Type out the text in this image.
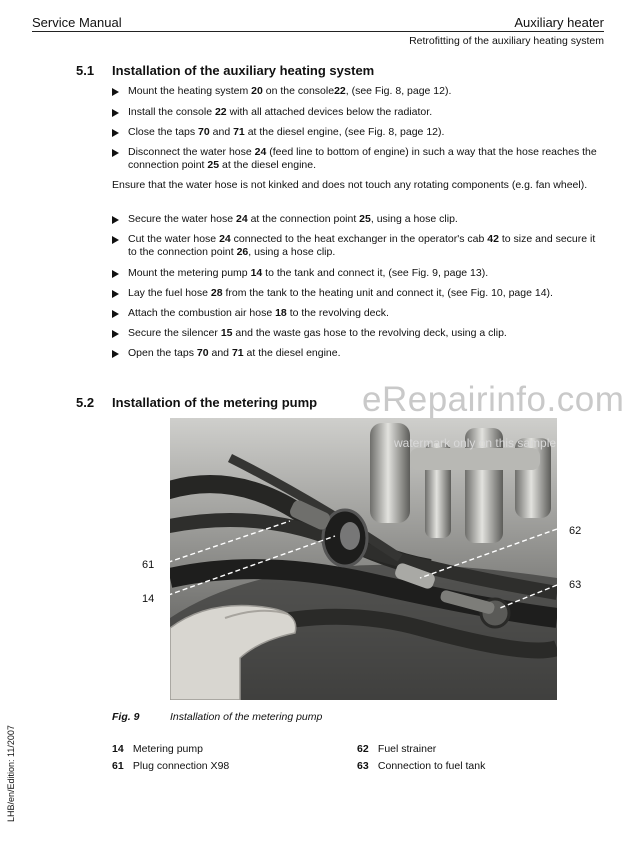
Service Manual	Auxiliary heater
Retrofitting of the auxiliary heating system
5.1 Installation of the auxiliary heating system
Mount the heating system 20 on the console22, (see Fig. 8, page 12).
Install the console 22 with all attached devices below the radiator.
Close the taps 70 and 71 at the diesel engine, (see Fig. 8, page 12).
Disconnect the water hose 24 (feed line to bottom of engine) in such a way that the hose reaches the connection point 25 at the diesel engine.
Ensure that the water hose is not kinked and does not touch any rotating components (e.g. fan wheel).
Secure the water hose 24 at the connection point 25, using a hose clip.
Cut the water hose 24 connected to the heat exchanger in the operator's cab 42 to size and secure it to the connection point 26, using a hose clip.
Mount the metering pump 14 to the tank and connect it, (see Fig. 9, page 13).
Lay the fuel hose 28 from the tank to the heating unit and connect it, (see Fig. 10, page 14).
Attach the combustion air hose 18 to the revolving deck.
Secure the silencer 15 and the waste gas hose to the revolving deck, using a clip.
Open the taps 70 and 71 at the diesel engine.
5.2 Installation of the metering pump
61
14
62
63
eRepairinfo.com
watermark only on this sample
Fig. 9	Installation of the metering pump
14 Metering pump
61 Plug connection X98
62 Fuel strainer
63 Connection to fuel tank
LHB/en/Edition: 11/2007
